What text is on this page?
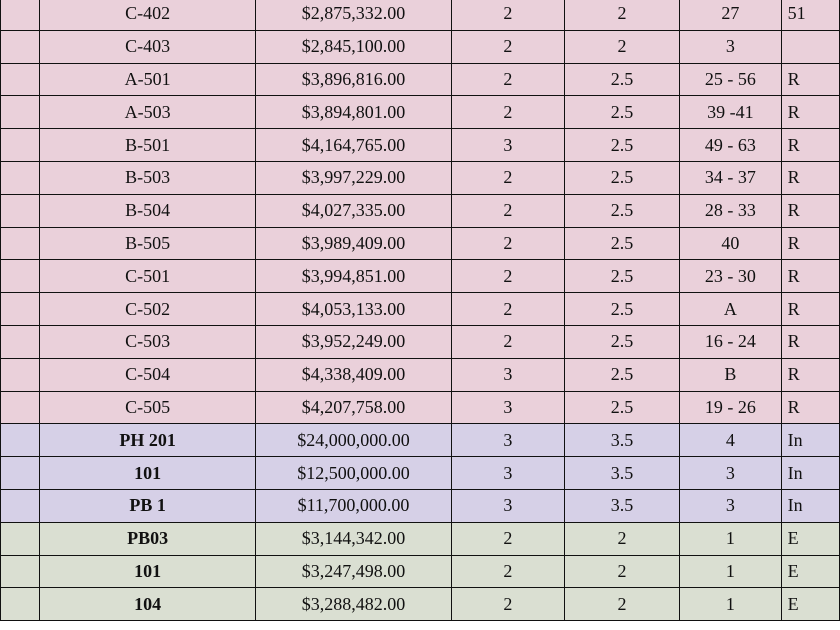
	C-402	$2,875,332.00	2	2	27	51
	C-403	$2,845,100.00	2	2	3	
	A-501	$3,896,816.00	2	2.5	25 - 56	R
	A-503	$3,894,801.00	2	2.5	39 -41	R
	B-501	$4,164,765.00	3	2.5	49 - 63	R
	B-503	$3,997,229.00	2	2.5	34 - 37	R
	B-504	$4,027,335.00	2	2.5	28 - 33	R
	B-505	$3,989,409.00	2	2.5	40	R
	C-501	$3,994,851.00	2	2.5	23 - 30	R
	C-502	$4,053,133.00	2	2.5	A	R
	C-503	$3,952,249.00	2	2.5	16 - 24	R
	C-504	$4,338,409.00	3	2.5	B	R
	C-505	$4,207,758.00	3	2.5	19 - 26	R
	PH 201	$24,000,000.00	3	3.5	4	In
	101	$12,500,000.00	3	3.5	3	In
	PB 1	$11,700,000.00	3	3.5	3	In
	PB03	$3,144,342.00	2	2	1	E
	101	$3,247,498.00	2	2	1	E
	104	$3,288,482.00	2	2	1	E
